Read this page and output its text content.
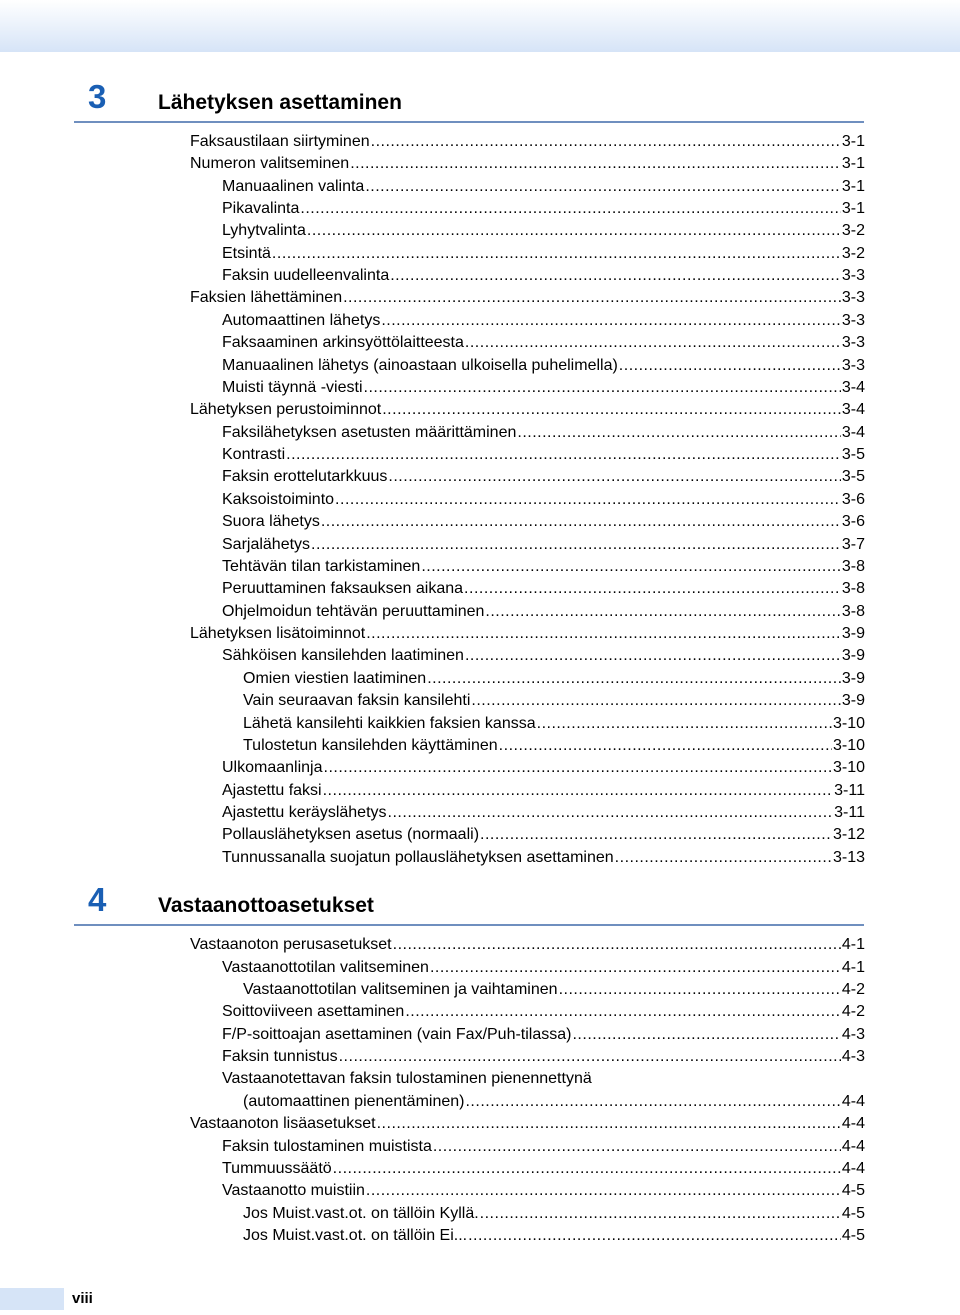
3 Lähetyksen asettaminen
Faksaustilaan siirtyminen .....	3-1
Numeron valitseminen .....	3-1
Manuaalinen valinta .....	3-1
Pikavalinta .....	3-1
Lyhytvalinta .....	3-2
Etsintä .....	3-2
Faksin uudelleenvalinta .....	3-3
Faksien lähettäminen .....	3-3
Automaattinen lähetys .....	3-3
Faksaaminen arkinsyöttölaitteesta .....	3-3
Manuaalinen lähetys (ainoastaan ulkoisella puhelimella) .....	3-3
Muisti täynnä -viesti .....	3-4
Lähetyksen perustoiminnot .....	3-4
Faksilähetyksen asetusten määrittäminen .....	3-4
Kontrasti .....	3-5
Faksin erottelutarkkuus .....	3-5
Kaksoistoiminto .....	3-6
Suora lähetys .....	3-6
Sarjalähetys .....	3-7
Tehtävän tilan tarkistaminen .....	3-8
Peruuttaminen faksauksen aikana .....	3-8
Ohjelmoidun tehtävän peruuttaminen .....	3-8
Lähetyksen lisätoiminnot .....	3-9
Sähköisen kansilehden laatiminen .....	3-9
Omien viestien laatiminen .....	3-9
Vain seuraavan faksin kansilehti .....	3-9
Lähetä kansilehti kaikkien faksien kanssa .....	3-10
Tulostetun kansilehden käyttäminen .....	3-10
Ulkomaanlinja .....	3-10
Ajastettu faksi .....	3-11
Ajastettu keräyslähetys .....	3-11
Pollauslähetyksen asetus (normaali) .....	3-12
Tunnussanalla suojatun pollauslähetyksen asettaminen .....	3-13
4 Vastaanottoasetukset
Vastaanoton perusasetukset .....	4-1
Vastaanottotilan valitseminen .....	4-1
Vastaanottotilan valitseminen ja vaihtaminen .....	4-2
Soittoviiveen asettaminen .....	4-2
F/P-soittoajan asettaminen (vain Fax/Puh-tilassa) .....	4-3
Faksin tunnistus .....	4-3
Vastaanotettavan faksin tulostaminen pienennettynä
(automaattinen pienentäminen) .....	4-4
Vastaanoton lisäasetukset .....	4-4
Faksin tulostaminen muistista .....	4-4
Tummuussäätö .....	4-4
Vastaanotto muistiin .....	4-5
Jos Muist.vast.ot. on tällöin Kyllä. .....	4-5
Jos Muist.vast.ot. on tällöin Ei... .....	4-5
viii
